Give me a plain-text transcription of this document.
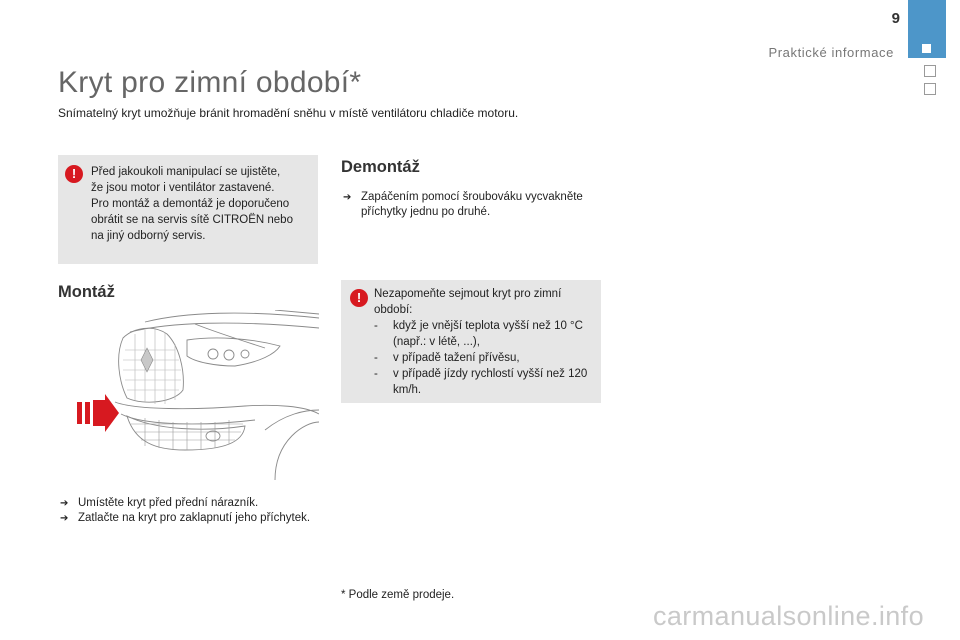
9
Praktické informace
Kryt pro zimní období*

Snímatelný kryt umožňuje bránit hromadění sněhu v místě ventilátoru chladiče motoru.

!	Před jakoukoli manipulací se ujistěte,
že jsou motor i ventilátor zastavené.
Pro montáž a demontáž je doporučeno
obrátit se na servis sítě CITROËN nebo
na jiný odborný servis.
Montáž
➔ Umístěte kryt před přední nárazník.
➔ Zatlačte na kryt pro zaklapnutí jeho příchytek.
Demontáž
➔ Zapáčením pomocí šroubováku vycvakněte příchytky jednu po druhé.
!	Nezapomeňte sejmout kryt pro zimní období:
- když je vnější teplota vyšší než 10 °C (např.: v létě, ...),
- v případě tažení přívěsu,
- v případě jízdy rychlostí vyšší než 120 km/h.
* Podle země prodeje.
carmanualsonline.info
